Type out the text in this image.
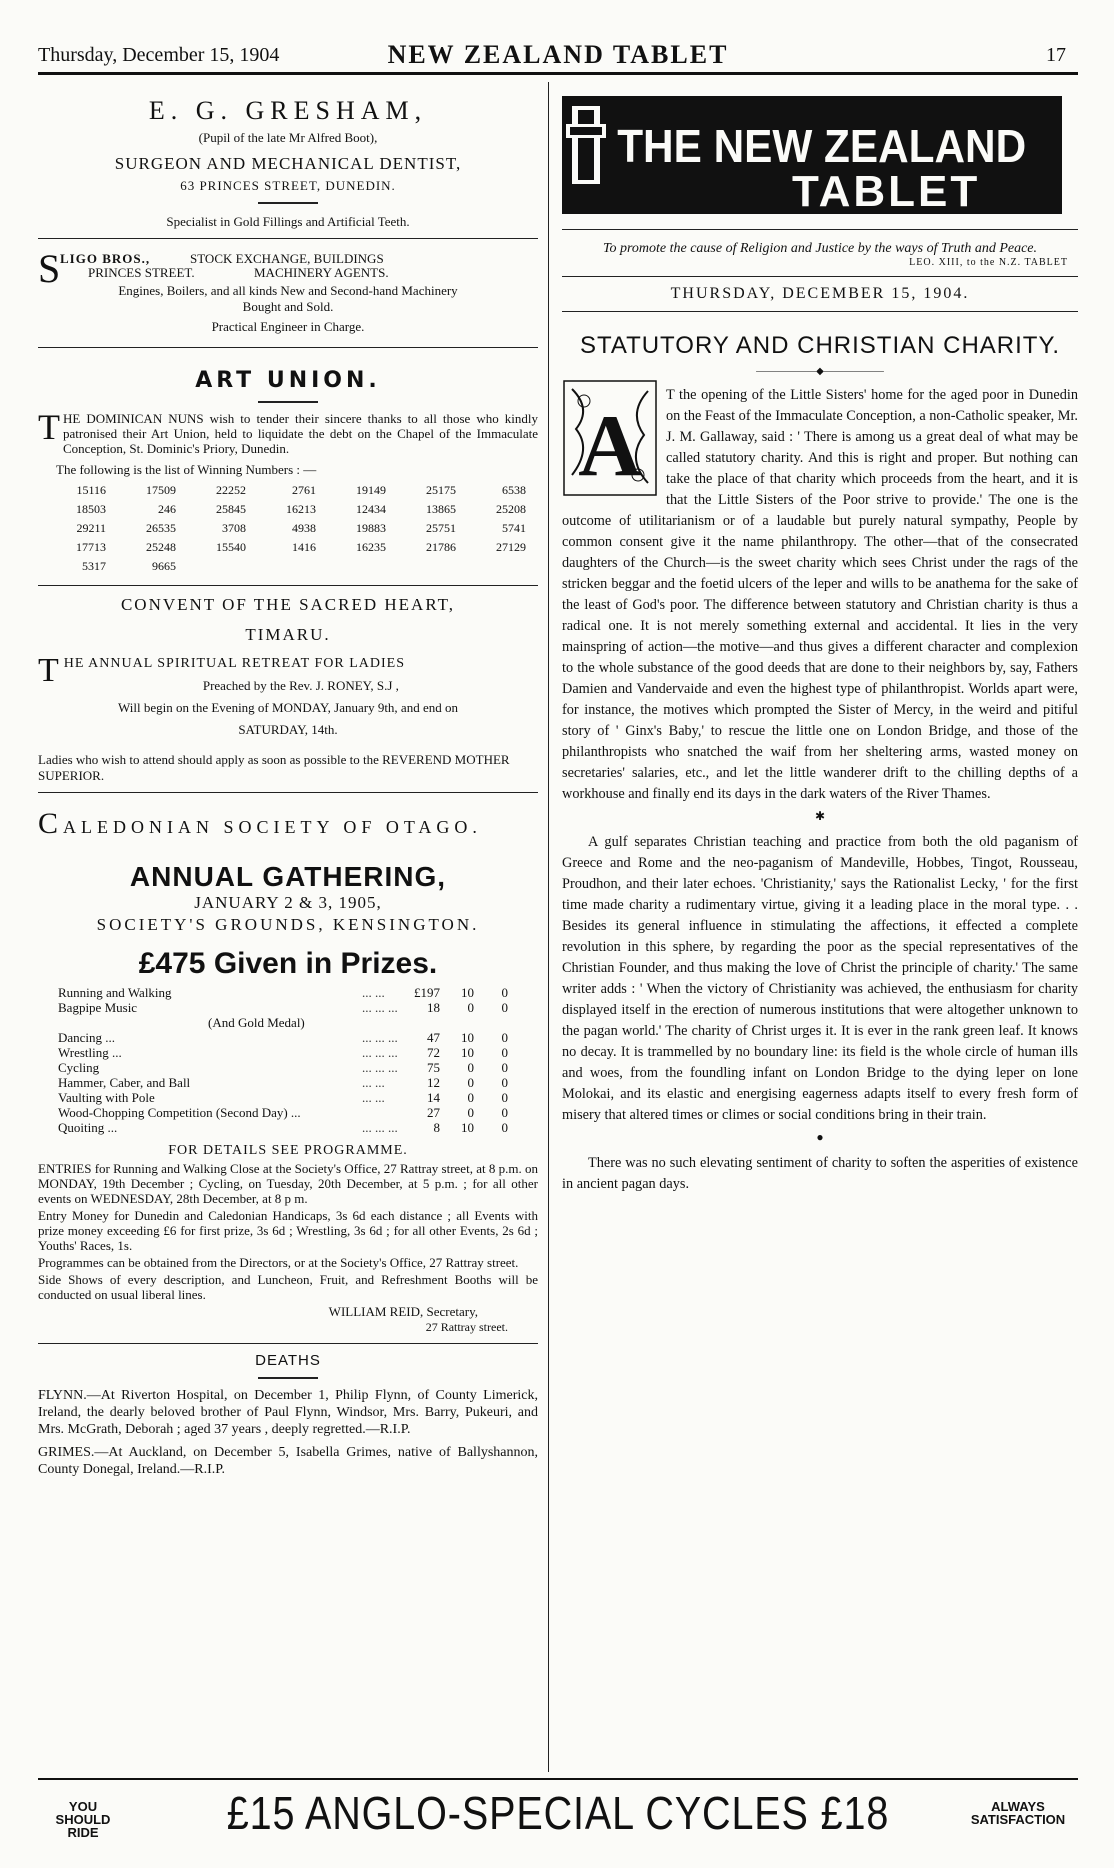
Thursday, December 15, 1904	NEW ZEALAND TABLET	17
E. G. GRESHAM,
(Pupil of the late Mr Alfred Boot),
SURGEON AND MECHANICAL DENTIST,
63 PRINCES STREET, DUNEDIN.
Specialist in Gold Fillings and Artificial Teeth.
S LIGO BROS.,	STOCK EXCHANGE, BUILDINGS
PRINCES STREET.	MACHINERY AGENTS.
Engines, Boilers, and all kinds New and Second-hand Machinery
Bought and Sold.
Practical Engineer in Charge.
ART UNION.
THE DOMINICAN NUNS wish to tender their sincere thanks to all those who kindly patronised their Art Union, held to liquidate the debt on the Chapel of the Immaculate Conception, St. Dominic's Priory, Dunedin.
The following is the list of Winning Numbers : —
15116	17509	22252	2761	19149	25175	6538
18503	246	25845	16213	12434	13865	25208
29211	26535	3708	4938	19883	25751	5741
17713	25248	15540	1416	16235	21786	27129
5317	9665					
CONVENT OF THE SACRED HEART,
TIMARU.
THE ANNUAL SPIRITUAL RETREAT FOR LADIES
Preached by the Rev. J. RONEY, S.J ,
Will begin on the Evening of MONDAY, January 9th, and end on
SATURDAY, 14th.
Ladies who wish to attend should apply as soon as possible to the REVEREND MOTHER SUPERIOR.
CALEDONIAN SOCIETY OF OTAGO.
ANNUAL GATHERING,
JANUARY 2 & 3, 1905,
SOCIETY'S GROUNDS, KENSINGTON.
£475 Given in Prizes.
Running and Walking	... ...	£197	10	0
Bagpipe Music	... ... ...	18	0	0
(And Gold Medal)				
Dancing ...	... ... ...	47	10	0
Wrestling ...	... ... ...	72	10	0
Cycling	... ... ...	75	0	0
Hammer, Caber, and Ball	... ...	12	0	0
Vaulting with Pole	... ...	14	0	0
Wood-Chopping Competition (Second Day) ...		27	0	0
Quoiting ...	... ... ...	8	10	0
FOR DETAILS SEE PROGRAMME.
ENTRIES for Running and Walking Close at the Society's Office, 27 Rattray street, at 8 p.m. on MONDAY, 19th December ; Cycling, on Tuesday, 20th December, at 5 p.m. ; for all other events on WEDNESDAY, 28th December, at 8 p m.
Entry Money for Dunedin and Caledonian Handicaps, 3s 6d each distance ; all Events with prize money exceeding £6 for first prize, 3s 6d ; Wrestling, 3s 6d ; for all other Events, 2s 6d ; Youths' Races, 1s.
Programmes can be obtained from the Directors, or at the Society's Office, 27 Rattray street.
Side Shows of every description, and Luncheon, Fruit, and Refreshment Booths will be conducted on usual liberal lines.
WILLIAM REID, Secretary,
27 Rattray street.
DEATHS
FLYNN.—At Riverton Hospital, on December 1, Philip Flynn, of County Limerick, Ireland, the dearly beloved brother of Paul Flynn, Windsor, Mrs. Barry, Pukeuri, and Mrs. McGrath, Deborah ; aged 37 years , deeply regretted.—R.I.P.
GRIMES.—At Auckland, on December 5, Isabella Grimes, native of Ballyshannon, County Donegal, Ireland.—R.I.P.
THE NEW ZEALAND
TABLET
To promote the cause of Religion and Justice by the ways of Truth and Peace.
LEO. XIII, to the N.Z. TABLET
THURSDAY, DECEMBER 15, 1904.
STATUTORY AND CHRISTIAN CHARITY.
——————◆——————
A
T the opening of the Little Sisters' home for the aged poor in Dunedin on the Feast of the Immaculate Conception, a non-Catholic speaker, Mr. J. M. Gallaway, said : ' There is among us a great deal of what may be called statutory charity. And this is right and proper. But nothing can take the place of that charity which proceeds from the heart, and it is that the Little Sisters of the Poor strive to provide.' The one is the outcome of utilitarianism or of a laudable but purely natural sympathy, People by common consent give it the name philanthropy. The other—that of the consecrated daughters of the Church—is the sweet charity which sees Christ under the rags of the stricken beggar and the foetid ulcers of the leper and wills to be anathema for the sake of the least of God's poor. The difference between statutory and Christian charity is thus a radical one. It is not merely something external and accidental. It lies in the very mainspring of action—the motive—and thus gives a different character and complexion to the whole substance of the good deeds that are done to their neighbors by, say, Fathers Damien and Vandervaide and even the highest type of philanthropist. Worlds apart were, for instance, the motives which prompted the Sister of Mercy, in the weird and pitiful story of ' Ginx's Baby,' to rescue the little one on London Bridge, and those of the philanthropists who snatched the waif from her sheltering arms, wasted money on secretaries' salaries, etc., and let the little wanderer drift to the chilling depths of a workhouse and finally end its days in the dark waters of the River Thames.
✱
A gulf separates Christian teaching and practice from both the old paganism of Greece and Rome and the neo-paganism of Mandeville, Hobbes, Tingot, Rousseau, Proudhon, and their later echoes. 'Christianity,' says the Rationalist Lecky, ' for the first time made charity a rudimentary virtue, giving it a leading place in the moral type. . . Besides its general influence in stimulating the affections, it effected a complete revolution in this sphere, by regarding the poor as the special representatives of the Christian Founder, and thus making the love of Christ the principle of charity.' The same writer adds : ' When the victory of Christianity was achieved, the enthusiasm for charity displayed itself in the erection of numerous institutions that were altogether unknown to the pagan world.' The charity of Christ urges it. It is ever in the rank green leaf. It knows no decay. It is trammelled by no boundary line: its field is the whole circle of human ills and woes, from the foundling infant on London Bridge to the dying leper on lone Molokai, and its elastic and energising eagerness adapts itself to every fresh form of misery that altered times or climes or social conditions bring in their train.
●
There was no such elevating sentiment of charity to soften the asperities of existence in ancient pagan days.
YOU SHOULD RIDE	£15 ANGLO-SPECIAL CYCLES £18	ALWAYS SATISFACTION
